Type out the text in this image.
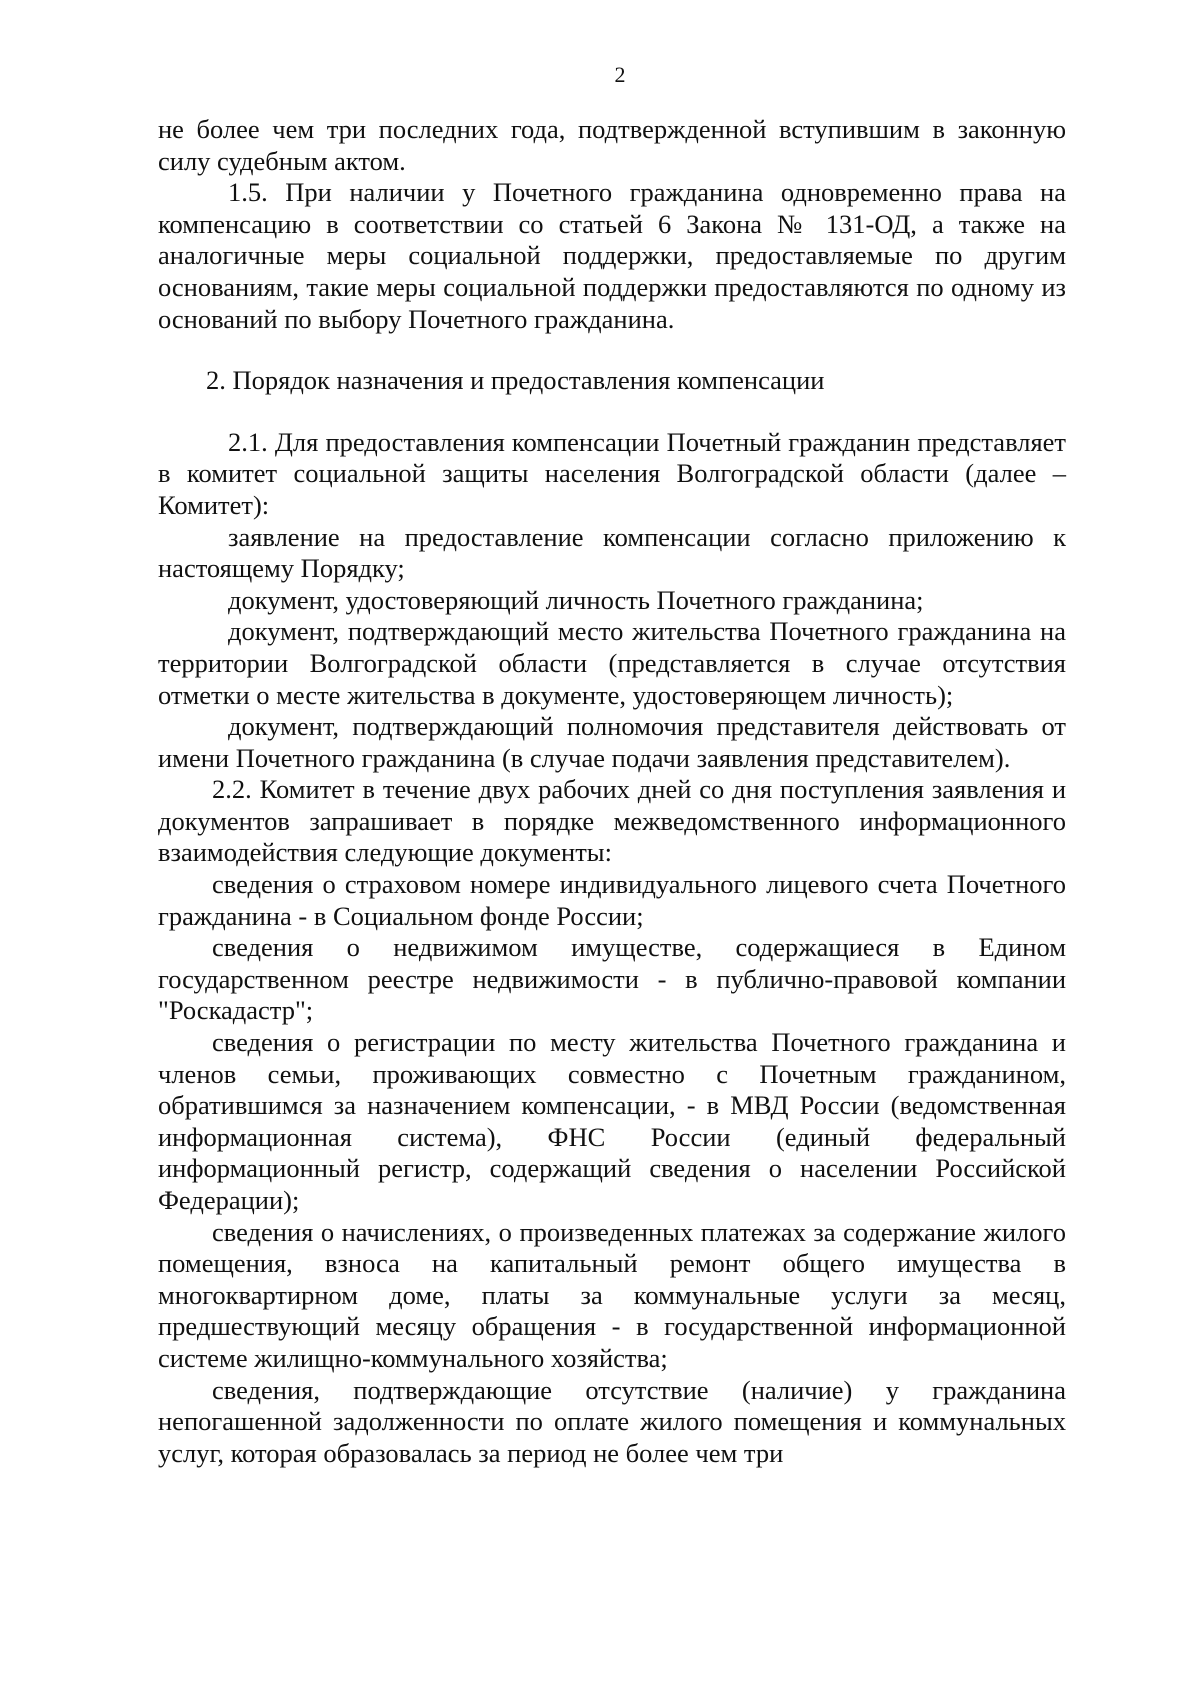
2

не более чем три последних года, подтвержденной вступившим в законную силу судебным актом.

1.5. При наличии у Почетного гражданина одновременно права на компенсацию в соответствии со статьей 6 Закона № 131-ОД, а также на аналогичные меры социальной поддержки, предоставляемые по другим основаниям, такие меры социальной поддержки предоставляются по одному из оснований по выбору Почетного гражданина.

2. Порядок назначения и предоставления компенсации

2.1. Для предоставления компенсации Почетный гражданин представляет в комитет социальной защиты населения Волгоградской области (далее – Комитет):

заявление на предоставление компенсации согласно приложению к настоящему Порядку;

документ, удостоверяющий личность Почетного гражданина;

документ, подтверждающий место жительства Почетного гражданина на территории Волгоградской области (представляется в случае отсутствия отметки о месте жительства в документе, удостоверяющем личность);

документ, подтверждающий полномочия представителя действовать от имени Почетного гражданина (в случае подачи заявления представителем).

2.2. Комитет в течение двух рабочих дней со дня поступления заявления и документов запрашивает в порядке межведомственного информационного взаимодействия следующие документы:

сведения о страховом номере индивидуального лицевого счета Почетного гражданина - в Социальном фонде России;

сведения о недвижимом имуществе, содержащиеся в Едином государственном реестре недвижимости - в публично-правовой компании "Роскадастр";

сведения о регистрации по месту жительства Почетного гражданина и членов семьи, проживающих совместно с Почетным гражданином, обратившимся за назначением компенсации, - в МВД России (ведомственная информационная система), ФНС России (единый федеральный информационный регистр, содержащий сведения о населении Российской Федерации);

сведения о начислениях, о произведенных платежах за содержание жилого помещения, взноса на капитальный ремонт общего имущества в многоквартирном доме, платы за коммунальные услуги за месяц, предшествующий месяцу обращения - в государственной информационной системе жилищно-коммунального хозяйства;

сведения, подтверждающие отсутствие (наличие) у гражданина непогашенной задолженности по оплате жилого помещения и коммунальных услуг, которая образовалась за период не более чем три
